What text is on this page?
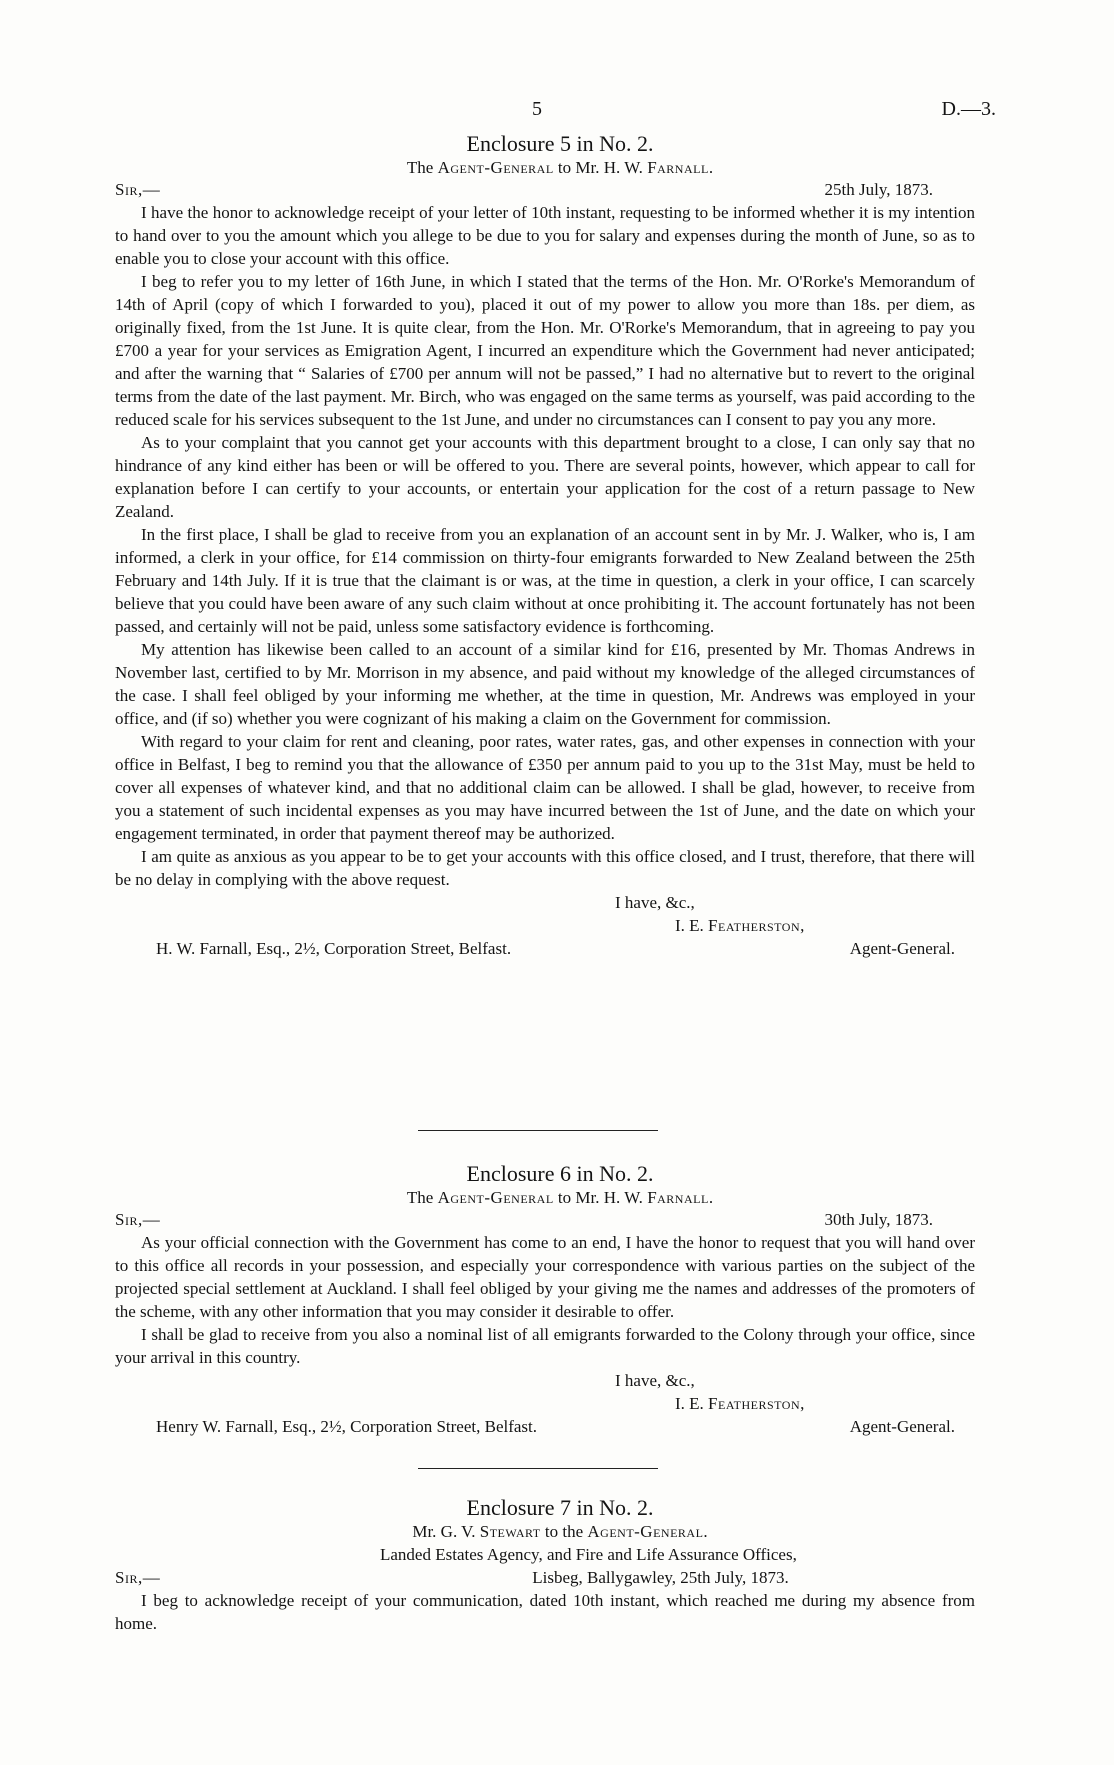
5	D.—3.

Enclosure 5 in No. 2.

The Agent-General to Mr. H. W. Farnall.

Sir,—	25th July, 1873.

I have the honor to acknowledge receipt of your letter of 10th instant, requesting to be informed whether it is my intention to hand over to you the amount which you allege to be due to you for salary and expenses during the month of June, so as to enable you to close your account with this office.

I beg to refer you to my letter of 16th June, in which I stated that the terms of the Hon. Mr. O'Rorke's Memorandum of 14th of April (copy of which I forwarded to you), placed it out of my power to allow you more than 18s. per diem, as originally fixed, from the 1st June. It is quite clear, from the Hon. Mr. O'Rorke's Memorandum, that in agreeing to pay you £700 a year for your services as Emigration Agent, I incurred an expenditure which the Government had never anticipated; and after the warning that “ Salaries of £700 per annum will not be passed,” I had no alternative but to revert to the original terms from the date of the last payment. Mr. Birch, who was engaged on the same terms as yourself, was paid according to the reduced scale for his services subsequent to the 1st June, and under no circumstances can I consent to pay you any more.

As to your complaint that you cannot get your accounts with this department brought to a close, I can only say that no hindrance of any kind either has been or will be offered to you. There are several points, however, which appear to call for explanation before I can certify to your accounts, or entertain your application for the cost of a return passage to New Zealand.

In the first place, I shall be glad to receive from you an explanation of an account sent in by Mr. J. Walker, who is, I am informed, a clerk in your office, for £14 commission on thirty-four emigrants forwarded to New Zealand between the 25th February and 14th July. If it is true that the claimant is or was, at the time in question, a clerk in your office, I can scarcely believe that you could have been aware of any such claim without at once prohibiting it. The account fortunately has not been passed, and certainly will not be paid, unless some satisfactory evidence is forthcoming.

My attention has likewise been called to an account of a similar kind for £16, presented by Mr. Thomas Andrews in November last, certified to by Mr. Morrison in my absence, and paid without my knowledge of the alleged circumstances of the case. I shall feel obliged by your informing me whether, at the time in question, Mr. Andrews was employed in your office, and (if so) whether you were cognizant of his making a claim on the Government for commission.

With regard to your claim for rent and cleaning, poor rates, water rates, gas, and other expenses in connection with your office in Belfast, I beg to remind you that the allowance of £350 per annum paid to you up to the 31st May, must be held to cover all expenses of whatever kind, and that no additional claim can be allowed. I shall be glad, however, to receive from you a statement of such incidental expenses as you may have incurred between the 1st of June, and the date on which your engagement terminated, in order that payment thereof may be authorized.

I am quite as anxious as you appear to be to get your accounts with this office closed, and I trust, therefore, that there will be no delay in complying with the above request.

I have, &c.,
I. E. Featherston,
H. W. Farnall, Esq., 2½, Corporation Street, Belfast.	Agent-General.

Enclosure 6 in No. 2.

The Agent-General to Mr. H. W. Farnall.

Sir,—	30th July, 1873.

As your official connection with the Government has come to an end, I have the honor to request that you will hand over to this office all records in your possession, and especially your correspondence with various parties on the subject of the projected special settlement at Auckland. I shall feel obliged by your giving me the names and addresses of the promoters of the scheme, with any other information that you may consider it desirable to offer.

I shall be glad to receive from you also a nominal list of all emigrants forwarded to the Colony through your office, since your arrival in this country.

I have, &c.,
I. E. Featherston,
Henry W. Farnall, Esq., 2½, Corporation Street, Belfast.	Agent-General.

Enclosure 7 in No. 2.

Mr. G. V. Stewart to the Agent-General.

Landed Estates Agency, and Fire and Life Assurance Offices,
Sir,—	Lisbeg, Ballygawley, 25th July, 1873.

I beg to acknowledge receipt of your communication, dated 10th instant, which reached me during my absence from home.
